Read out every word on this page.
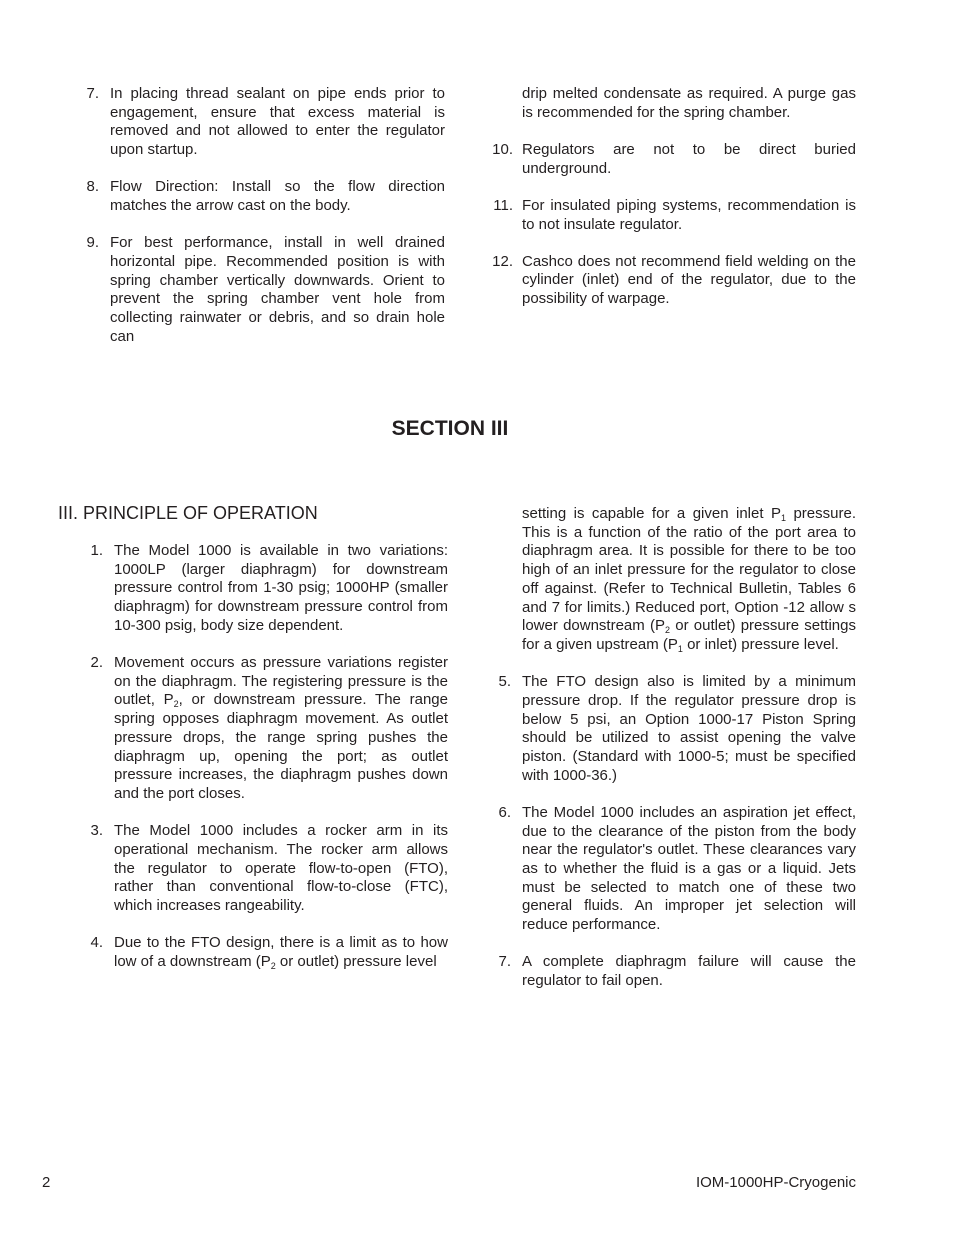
7. In placing thread sealant on pipe ends prior to engagement, ensure that excess material is removed and not allowed to enter the regulator upon startup.
8. Flow Direction: Install so the flow direction matches the arrow cast on the body.
9. For best performance, install in well drained horizontal pipe. Recommended position is with spring chamber vertically downwards. Orient to prevent the spring chamber vent hole from collecting rainwater or debris, and so drain hole can
drip melted condensate as required. A purge gas is recommended for the spring chamber.
10. Regulators are not to be direct buried underground.
11. For insulated piping systems, recommendation is to not insulate regulator.
12. Cashco does not recommend field welding on the cylinder (inlet) end of the regulator, due to the possibility of warpage.
SECTION III
III. PRINCIPLE OF OPERATION
1. The Model 1000 is available in two variations: 1000LP (larger diaphragm) for downstream pressure control from 1-30 psig; 1000HP (smaller diaphragm) for downstream pressure control from 10-300 psig, body size dependent.
2. Movement occurs as pressure variations register on the diaphragm. The registering pressure is the outlet, $P_2$, or downstream pressure. The range spring opposes diaphragm movement. As outlet pressure drops, the range spring pushes the diaphragm up, opening the port; as outlet pressure increases, the diaphragm pushes down and the port closes.
3. The Model 1000 includes a rocker arm in its operational mechanism. The rocker arm allows the regulator to operate flow-to-open (FTO), rather than conventional flow-to-close (FTC), which increases rangeability.
4. Due to the FTO design, there is a limit as to how low of a downstream ($P_2$ or outlet) pressure level
setting is capable for a given inlet $P_1$ pressure. This is a function of the ratio of the port area to diaphragm area. It is possible for there to be too high of an inlet pressure for the regulator to close off against. (Refer to Technical Bulletin, Tables 6 and 7 for limits.) Reduced port, Option -12 allow s lower downstream ($P_2$ or outlet) pressure settings for a given upstream ($P_1$ or inlet) pressure level.
5. The FTO design also is limited by a minimum pressure drop. If the regulator pressure drop is below 5 psi, an Option 1000-17 Piston Spring should be utilized to assist opening the valve piston. (Standard with 1000-5; must be specified with 1000-36.)
6. The Model 1000 includes an aspiration jet effect, due to the clearance of the piston from the body near the regulator's outlet. These clearances vary as to whether the fluid is a gas or a liquid. Jets must be selected to match one of these two general fluids. An improper jet selection will reduce performance.
7. A complete diaphragm failure will cause the regulator to fail open.
2	IOM-1000HP-Cryogenic
